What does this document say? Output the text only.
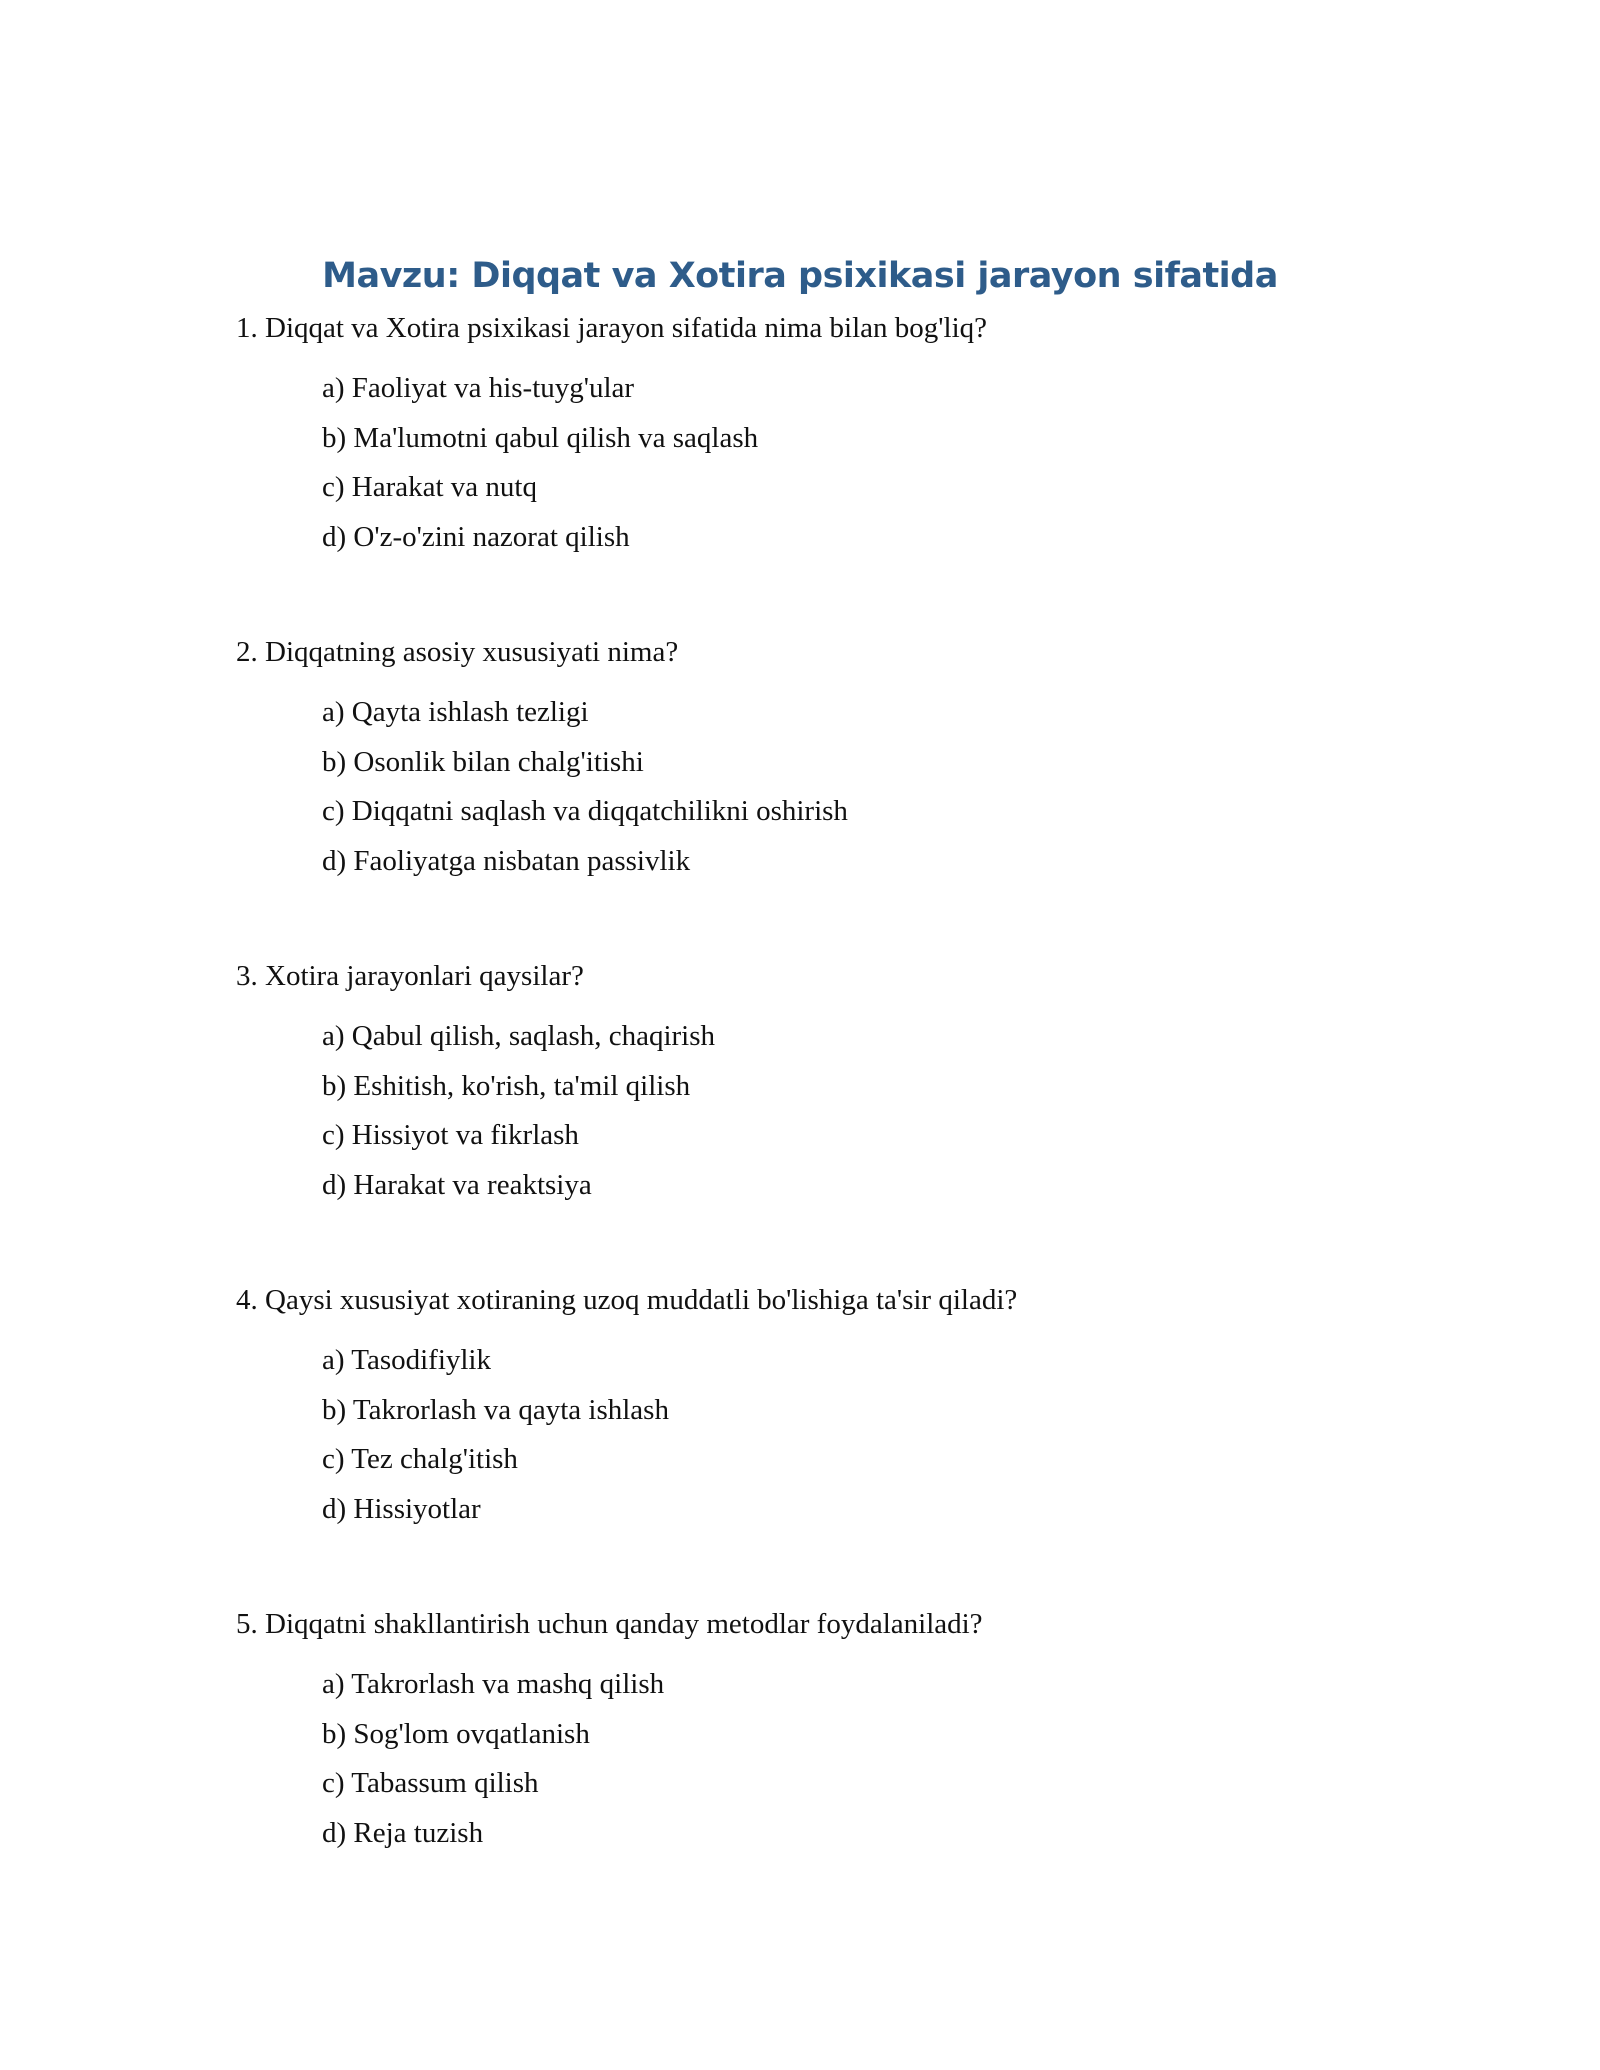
Mavzu: Diqqat va Xotira psixikasi jarayon sifatida
1. Diqqat va Xotira psixikasi jarayon sifatida nima bilan bog'liq?
a) Faoliyat va his-tuyg'ular
b) Ma'lumotni qabul qilish va saqlash
c) Harakat va nutq
d) O'z-o'zini nazorat qilish
2. Diqqatning asosiy xususiyati nima?
a) Qayta ishlash tezligi
b) Osonlik bilan chalg'itishi
c) Diqqatni saqlash va diqqatchilikni oshirish
d) Faoliyatga nisbatan passivlik
3. Xotira jarayonlari qaysilar?
a) Qabul qilish, saqlash, chaqirish
b) Eshitish, ko'rish, ta'mil qilish
c) Hissiyot va fikrlash
d) Harakat va reaktsiya
4. Qaysi xususiyat xotiraning uzoq muddatli bo'lishiga ta'sir qiladi?
a) Tasodifiylik
b) Takrorlash va qayta ishlash
c) Tez chalg'itish
d) Hissiyotlar
5. Diqqatni shakllantirish uchun qanday metodlar foydalaniladi?
a) Takrorlash va mashq qilish
b) Sog'lom ovqatlanish
c) Tabassum qilish
d) Reja tuzish
